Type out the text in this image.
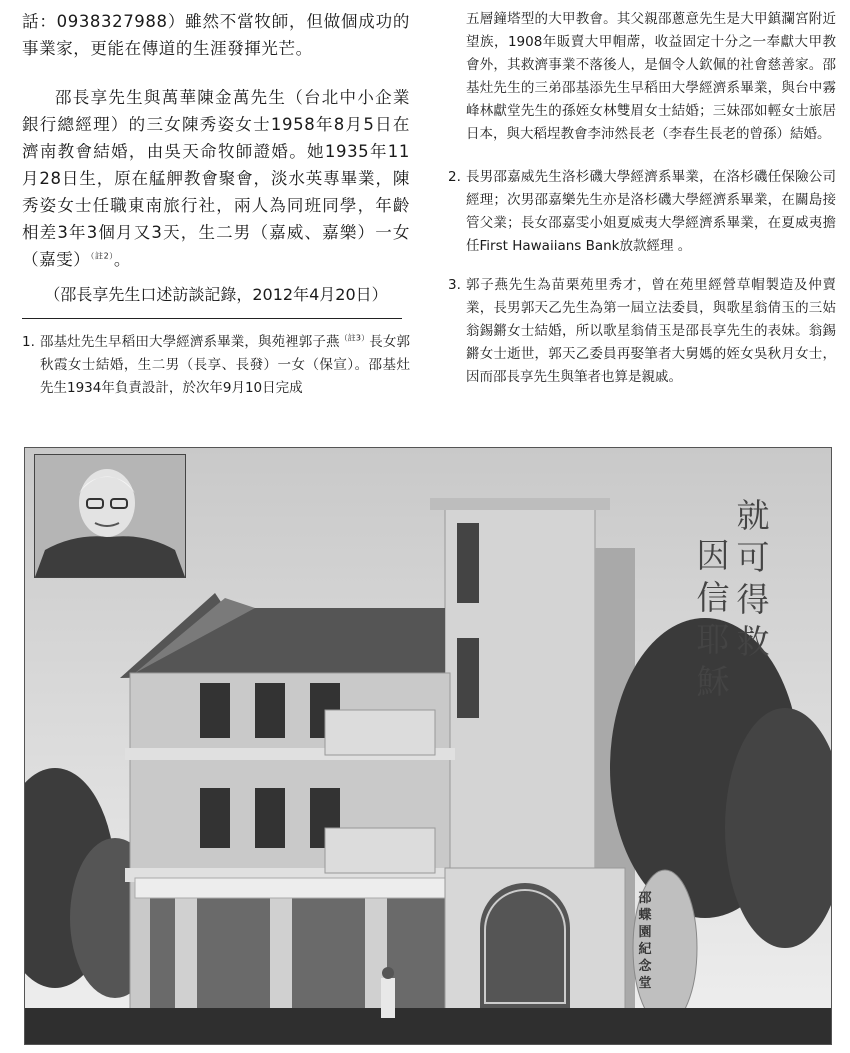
話：0938327988）雖然不當牧師，但做個成功的事業家，更能在傳道的生涯發揮光芒。

邵長享先生與萬華陳金萬先生（台北中小企業銀行總經理）的三女陳秀姿女士1958年8月5日在濟南教會結婚，由吳天命牧師證婚。她1935年11月28日生，原在艋舺教會聚會，淡水英專畢業，陳秀姿女士任職東南旅行社，兩人為同班同學，年齡相差3年3個月又3天，生二男（嘉威、嘉樂）一女（嘉雯）$^{(註2)}$。

（邵長享先生口述訪談記錄，2012年4月20日）

1. 邵基灶先生早稻田大學經濟系畢業，與苑裡郭子燕$^{(註3)}$長女郭秋霞女士結婚，生二男（長享、長發）一女（保宣）。邵基灶先生1934年負責設計，於次年9月10日完成

五層鐘塔型的大甲教會。其父親邵蔥意先生是大甲鎮瀾宮附近望族，1908年販賣大甲帽蓆，收益固定十分之一奉獻大甲教會外，其救濟事業不落後人，是個令人欽佩的社會慈善家。邵基灶先生的三弟邵基添先生早稻田大學經濟系畢業，與台中霧峰林獻堂先生的孫姪女林雙眉女士結婚；三妹邵如輕女士旅居日本，與大稻埕教會李沛然長老（李春生長老的曾孫）結婚。

2. 長男邵嘉威先生洛杉磯大學經濟系畢業，在洛杉磯任保險公司經理；次男邵嘉樂先生亦是洛杉磯大學經濟系畢業，在關島接管父業；長女邵嘉雯小姐夏威夷大學經濟系畢業，在夏威夷擔任First Hawaiians Bank放款經理 。
3. 郭子燕先生為苗栗苑里秀才，曾在苑里經營草帽製造及仲賣業，長男郭天乙先生為第一屆立法委員，與歌星翁倩玉的三姑翁錫鏘女士結婚，所以歌星翁倩玉是邵長享先生的表妹。翁錫鏘女士逝世，郭天乙委員再娶筆者大舅媽的姪女吳秋月女士，因而邵長享先生與筆者也算是親戚。
就可得救
因信耶穌
邵蝶園紀念堂
